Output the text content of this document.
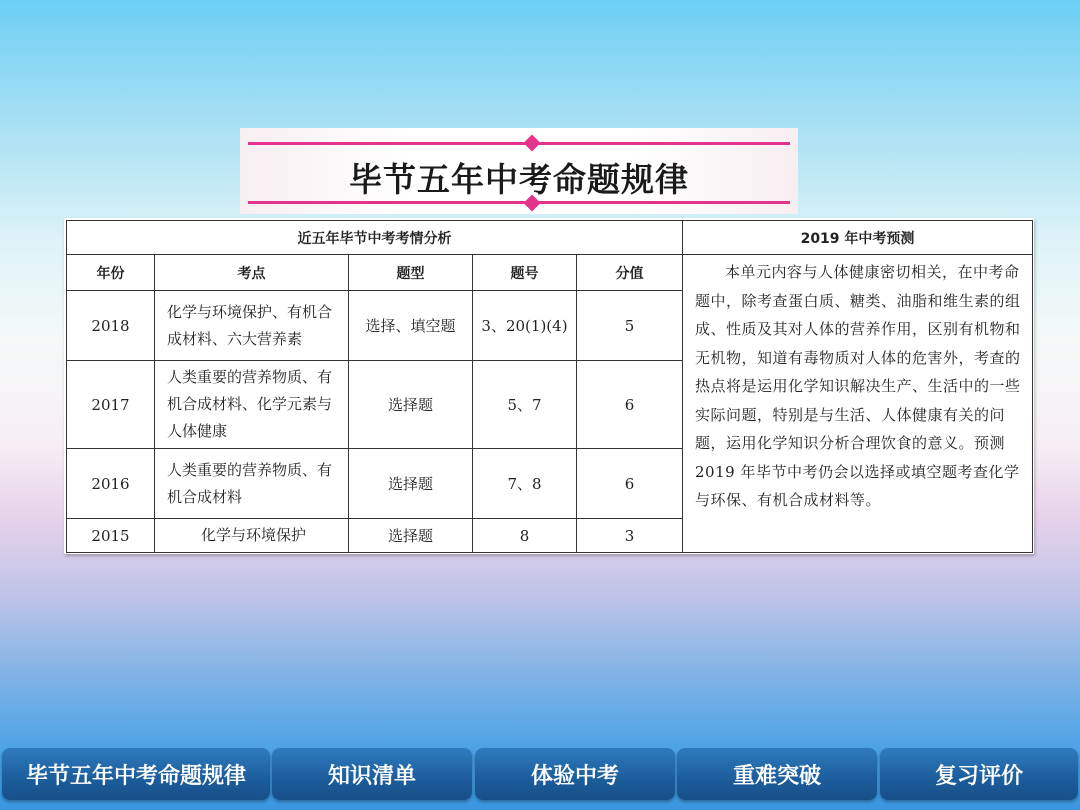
毕节五年中考命题规律
近五年毕节中考考情分析					2019 年中考预测
年份	考点	题型	题号	分值	本单元内容与人体健康密切相关，在中考命题中，除考查蛋白质、糖类、油脂和维生素的组成、性质及其对人体的营养作用，区别有机物和无机物，知道有毒物质对人体的危害外，考查的热点将是运用化学知识解决生产、生活中的一些实际问题，特别是与生活、人体健康有关的问题，运用化学知识分析合理饮食的意义。预测 2019 年毕节中考仍会以选择或填空题考查化学与环保、有机合成材料等。
2018	化学与环境保护、有机合成材料、六大营养素	选择、填空题	3、20(1)(4)	5	
2017	人类重要的营养物质、有机合成材料、化学元素与人体健康	选择题	5、7	6	
2016	人类重要的营养物质、有机合成材料	选择题	7、8	6	
2015	化学与环境保护	选择题	8	3	
毕节五年中考命题规律	知识清单	体验中考	重难突破	复习评价
